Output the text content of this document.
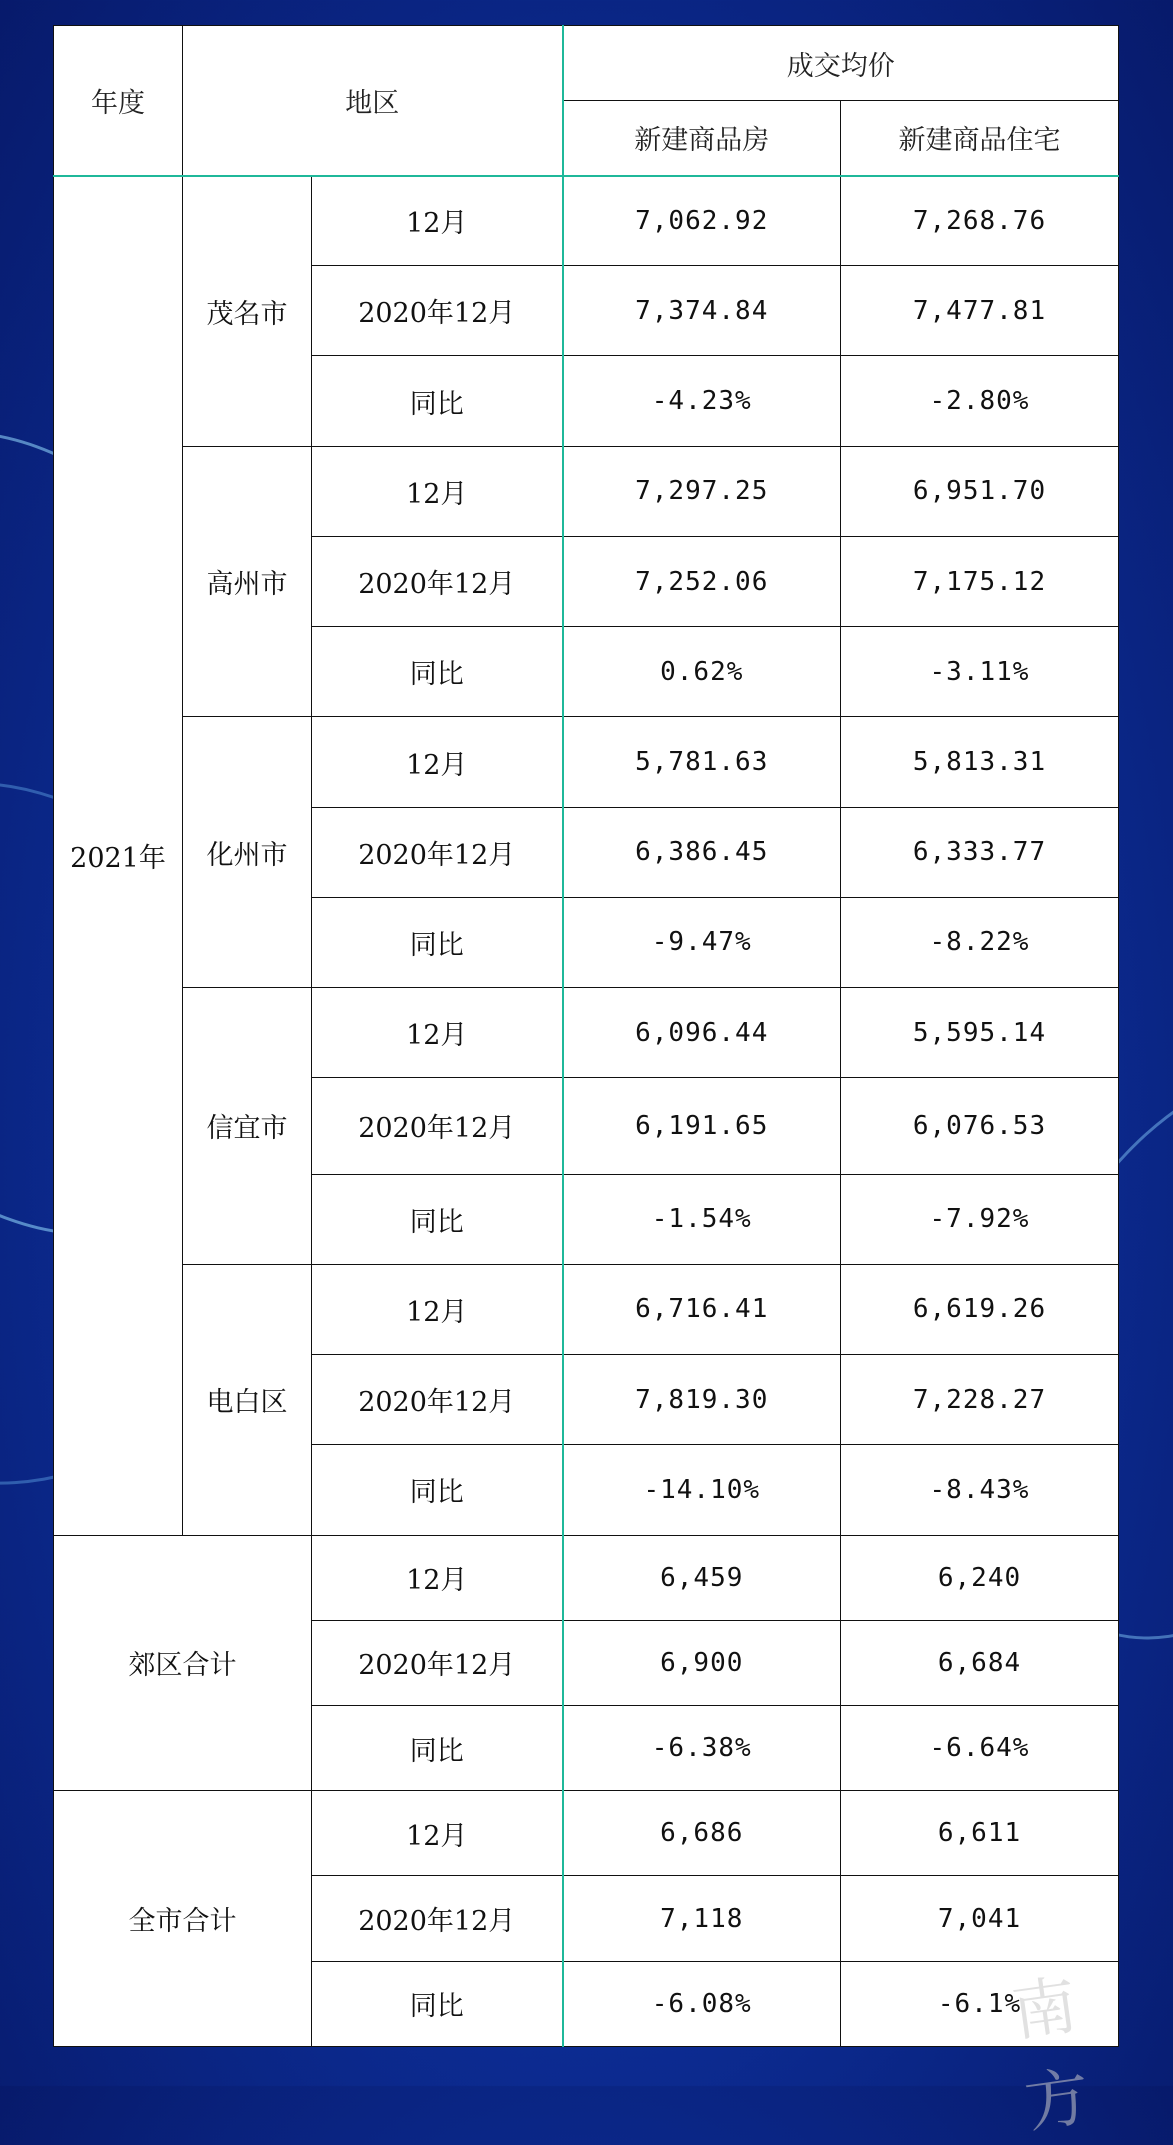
年度	地区		成交均价	
			新建商品房	新建商品住宅
2021年	茂名市	12月	7,062.92	7,268.76
		2020年12月	7,374.84	7,477.81
		同比	-4.23%	-2.80%
	高州市	12月	7,297.25	6,951.70
		2020年12月	7,252.06	7,175.12
		同比	0.62%	-3.11%
	化州市	12月	5,781.63	5,813.31
		2020年12月	6,386.45	6,333.77
		同比	-9.47%	-8.22%
	信宜市	12月	6,096.44	5,595.14
		2020年12月	6,191.65	6,076.53
		同比	-1.54%	-7.92%
	电白区	12月	6,716.41	6,619.26
		2020年12月	7,819.30	7,228.27
		同比	-14.10%	-8.43%
郊区合计		12月	6,459	6,240
		2020年12月	6,900	6,684
		同比	-6.38%	-6.64%
全市合计		12月	6,686	6,611
		2020年12月	7,118	7,041
		同比	-6.08%	-6.1%
南方
